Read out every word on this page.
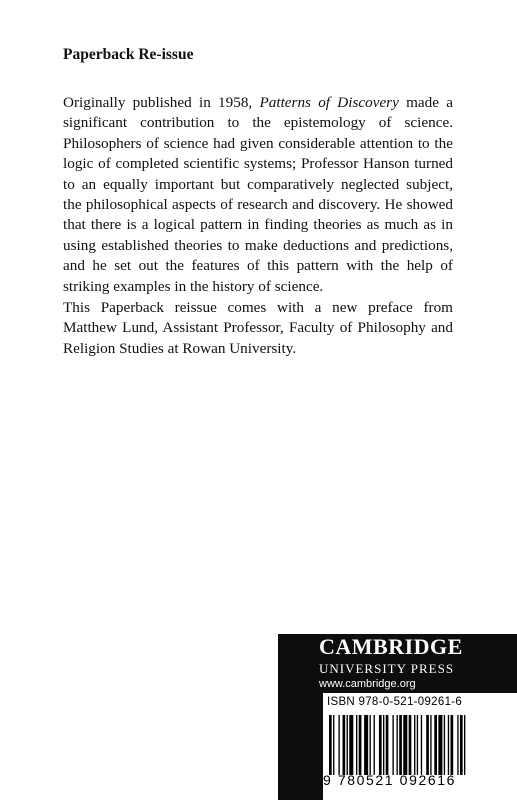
Paperback Re-issue

Originally published in 1958, Patterns of Discovery made a significant contribution to the epistemology of science. Philosophers of science had given considerable attention to the logic of completed scientific systems; Professor Hanson turned to an equally important but comparatively neglected subject, the philosophical aspects of research and discovery. He showed that there is a logical pattern in finding theories as much as in using established theories to make deductions and predictions, and he set out the features of this pattern with the help of striking examples in the history of science.

This Paperback reissue comes with a new preface from Matthew Lund, Assistant Professor, Faculty of Philosophy and Religion Studies at Rowan University.

CAMBRIDGE
UNIVERSITY PRESS
www.cambridge.org
ISBN 978-0-521-09261-6
9 780521 092616
